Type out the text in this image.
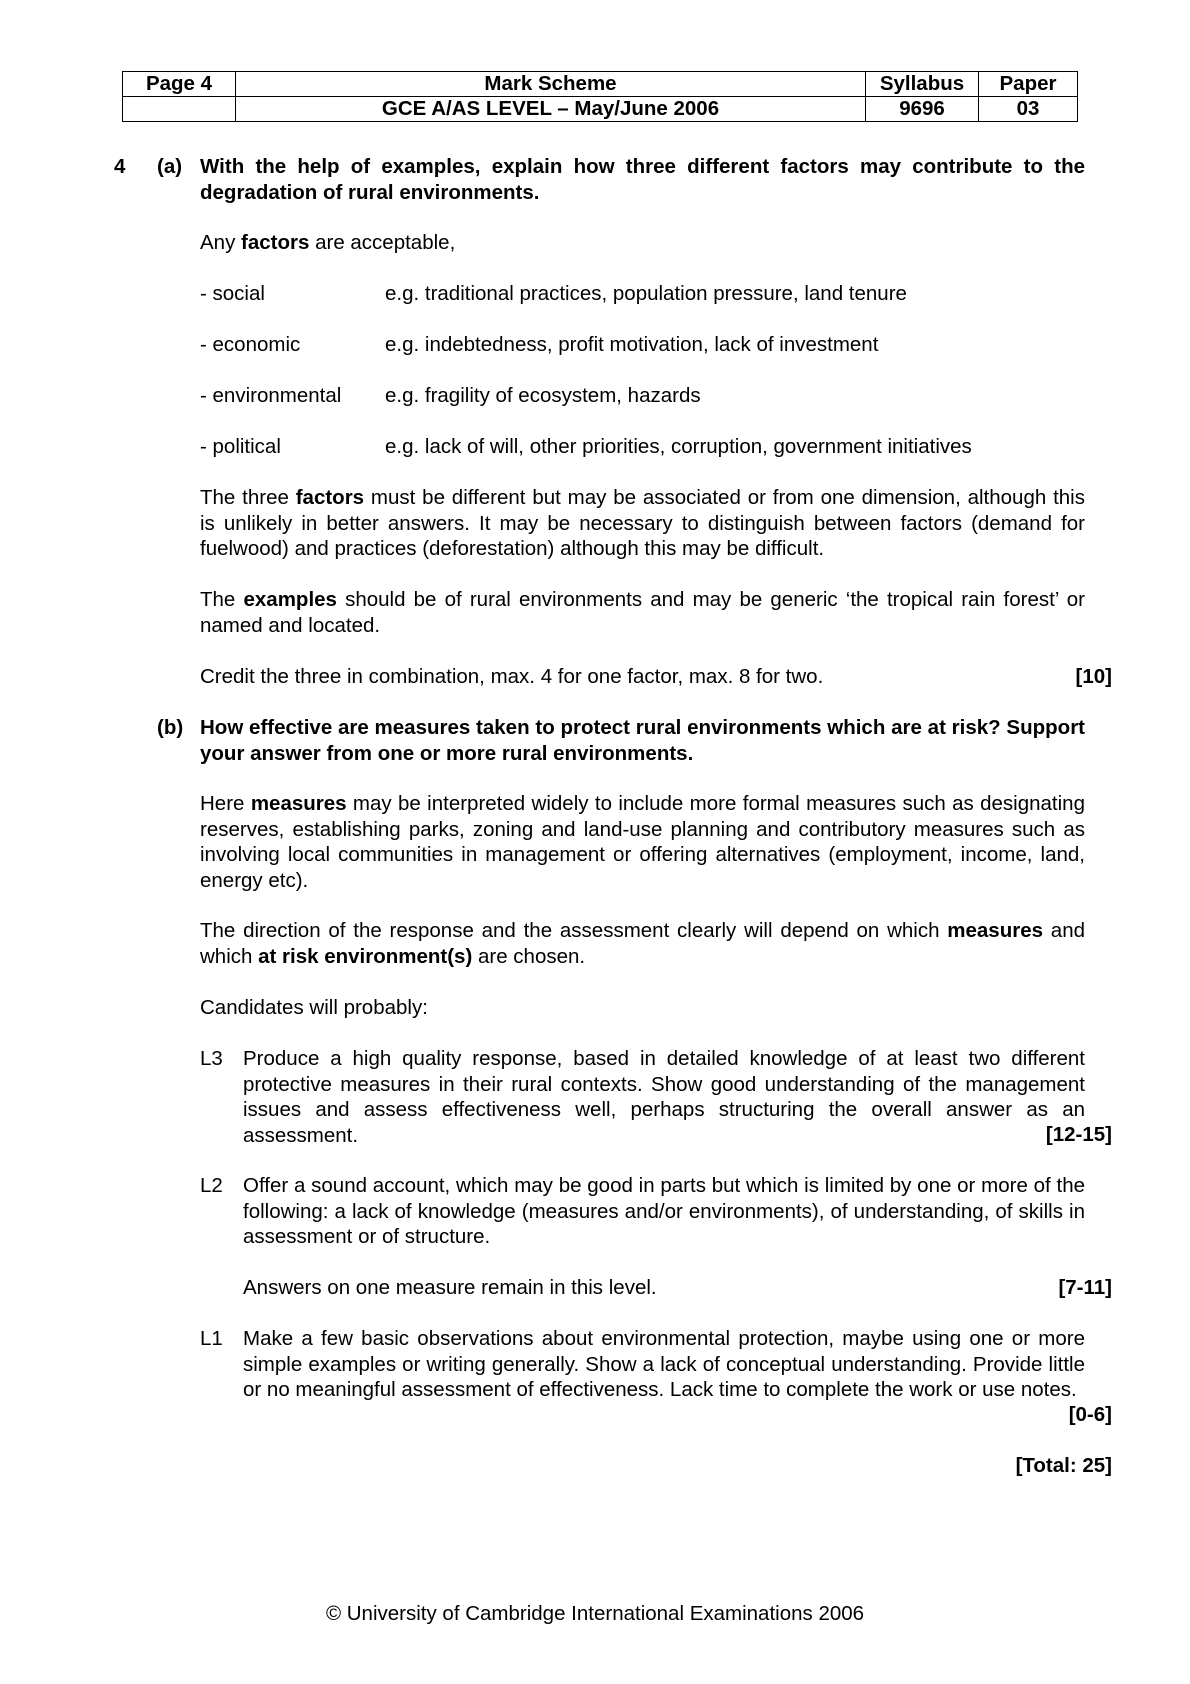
Page 4	Mark Scheme	Syllabus	Paper
	GCE A/AS LEVEL – May/June 2006	9696	03
4 (a) With the help of examples, explain how three different factors may contribute to the degradation of rural environments.
Any factors are acceptable,
- social	e.g. traditional practices, population pressure, land tenure
- economic	e.g. indebtedness, profit motivation, lack of investment
- environmental e.g. fragility of ecosystem, hazards
- political	e.g. lack of will, other priorities, corruption, government initiatives
The three factors must be different but may be associated or from one dimension, although this is unlikely in better answers. It may be necessary to distinguish between factors (demand for fuelwood) and practices (deforestation) although this may be difficult.
The examples should be of rural environments and may be generic ‘the tropical rain forest’ or named and located.
Credit the three in combination, max. 4 for one factor, max. 8 for two.	[10]
(b) How effective are measures taken to protect rural environments which are at risk? Support your answer from one or more rural environments.
Here measures may be interpreted widely to include more formal measures such as designating reserves, establishing parks, zoning and land-use planning and contributory measures such as involving local communities in management or offering alternatives (employment, income, land, energy etc).
The direction of the response and the assessment clearly will depend on which measures and which at risk environment(s) are chosen.
Candidates will probably:
L3 Produce a high quality response, based in detailed knowledge of at least two different protective measures in their rural contexts. Show good understanding of the management issues and assess effectiveness well, perhaps structuring the overall answer as an assessment.	[12-15]
L2 Offer a sound account, which may be good in parts but which is limited by one or more of the following: a lack of knowledge (measures and/or environments), of understanding, of skills in assessment or of structure.
Answers on one measure remain in this level.	[7-11]
L1 Make a few basic observations about environmental protection, maybe using one or more simple examples or writing generally. Show a lack of conceptual understanding. Provide little or no meaningful assessment of effectiveness. Lack time to complete the work or use notes.
[0-6]
[Total: 25]
© University of Cambridge International Examinations 2006
